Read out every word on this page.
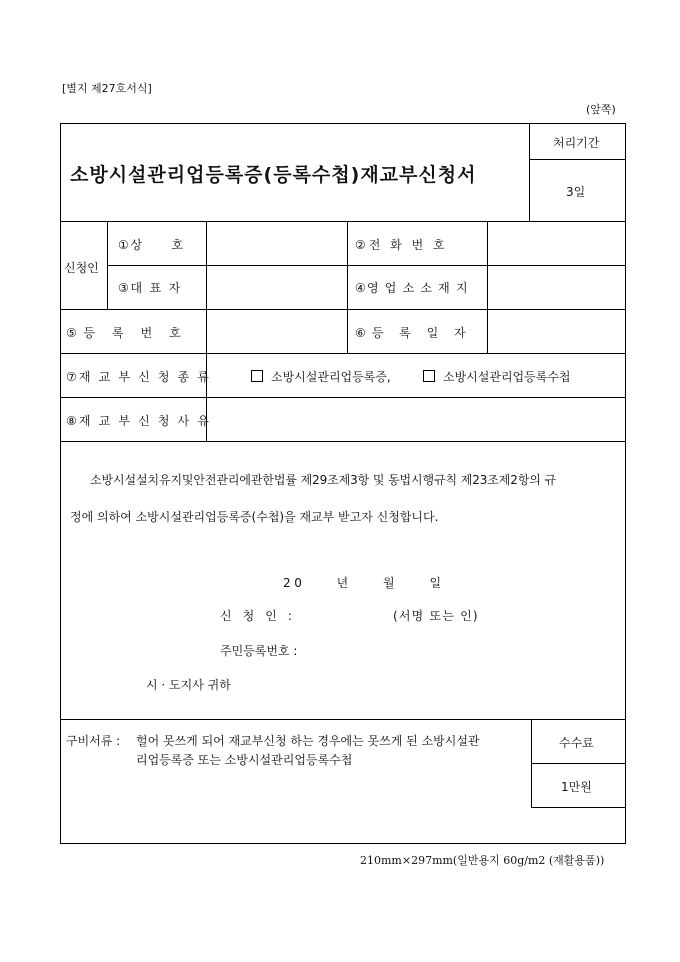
[별지 제27호서식]
(앞쪽)
소방시설관리업등록증(등록수첩)재교부신청서
처리기간
3일
신청인
①상　　호	②전 화 번 호
③대 표 자	④영 업 소 소 재 지
⑤등 록 번 호	⑥등 록 일 자
⑦재 교 부 신 청 종 류	소방시설관리업등록증,	소방시설관리업등록수첩
⑧재 교 부 신 청 사 유
소방시설설치유지및안전관리에관한법률 제29조제3항 및 동법시행규칙 제23조제2항의 규
정에 의하여 소방시설관리업등록증(수첩)을 재교부 받고자 신청합니다.
20　　년　　월　　일
신 청 인 :	(서명 또는 인)
주민등록번호 :
시 · 도지사 귀하
구비서류 : 헐어 못쓰게 되어 재교부신청 하는 경우에는 못쓰게 된 소방시설관
리업등록증 또는 소방시설관리업등록수첩
수수료
1만원
210mm×297mm(일반용지 60g/m2 (재활용품))
